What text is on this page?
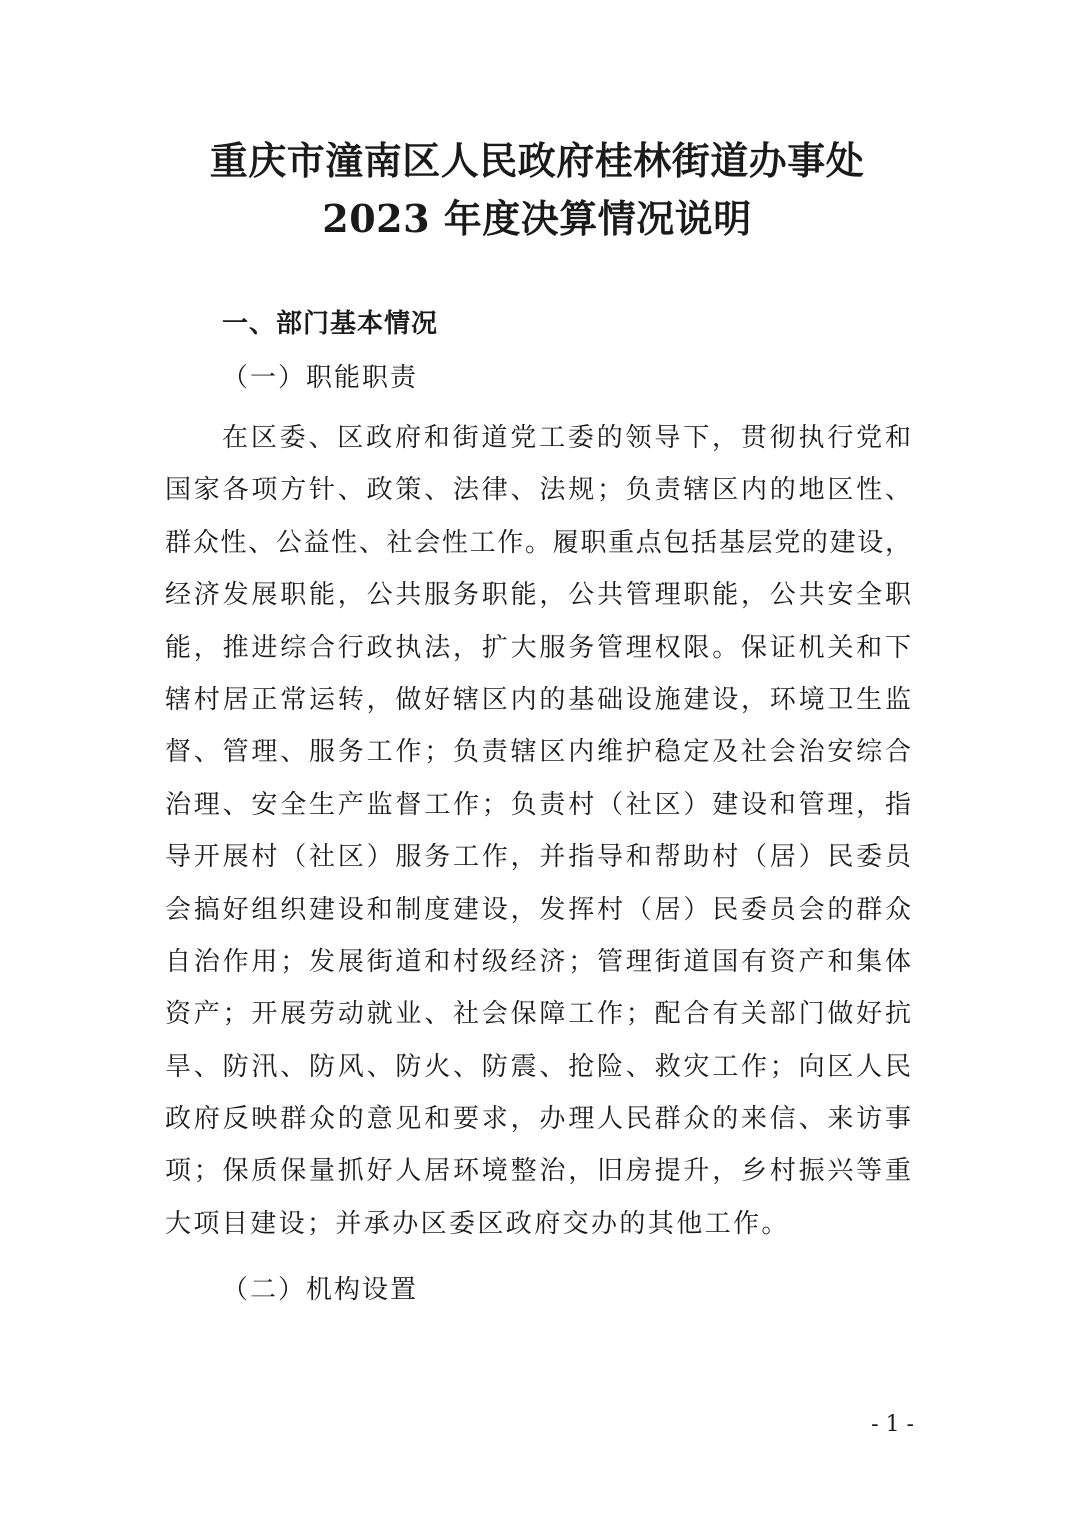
重庆市潼南区人民政府桂林街道办事处
2023 年度决算情况说明
一、部门基本情况
（一）职能职责
在区委、区政府和街道党工委的领导下，贯彻执行党和
国家各项方针、政策、法律、法规；负责辖区内的地区性、
群众性、公益性、社会性工作。履职重点包括基层党的建设，
经济发展职能，公共服务职能，公共管理职能，公共安全职
能，推进综合行政执法，扩大服务管理权限。保证机关和下
辖村居正常运转，做好辖区内的基础设施建设，环境卫生监
督、管理、服务工作；负责辖区内维护稳定及社会治安综合
治理、安全生产监督工作；负责村（社区）建设和管理，指
导开展村（社区）服务工作，并指导和帮助村（居）民委员
会搞好组织建设和制度建设，发挥村（居）民委员会的群众
自治作用；发展街道和村级经济；管理街道国有资产和集体
资产；开展劳动就业、社会保障工作；配合有关部门做好抗
旱、防汛、防风、防火、防震、抢险、救灾工作；向区人民
政府反映群众的意见和要求，办理人民群众的来信、来访事
项；保质保量抓好人居环境整治，旧房提升，乡村振兴等重
大项目建设；并承办区委区政府交办的其他工作。
（二）机构设置
- 1 -
